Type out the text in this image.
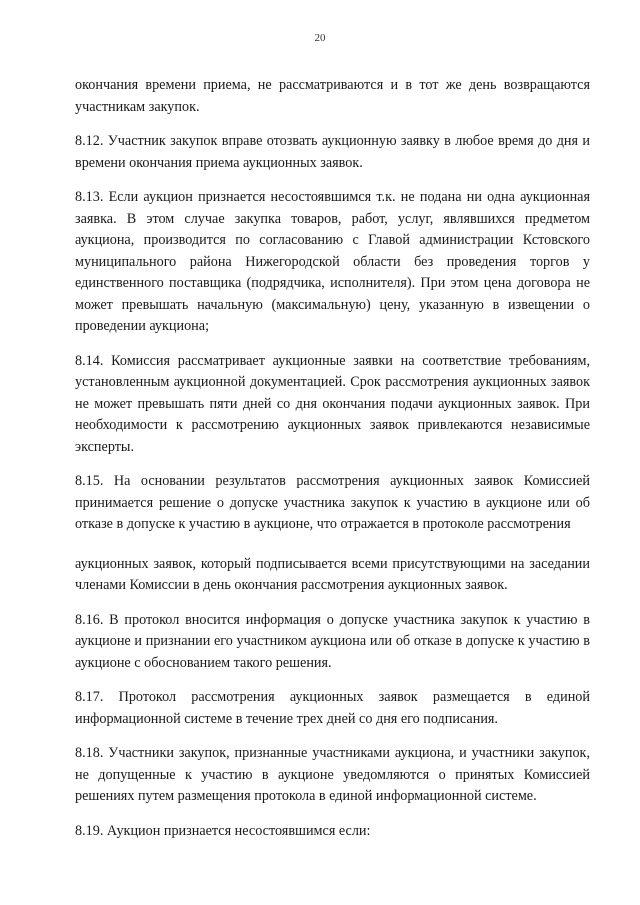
20

окончания времени приема, не рассматриваются и в тот же день возвращаются участникам закупок.

8.12. Участник закупок вправе отозвать аукционную заявку в любое время до дня и времени окончания приема аукционных заявок.

8.13. Если аукцион признается несостоявшимся т.к. не подана ни одна аукционная заявка. В этом случае закупка товаров, работ, услуг, являвшихся предметом аукциона, производится по согласованию с Главой администрации Кстовского муниципального района Нижегородской области без проведения торгов у единственного поставщика (подрядчика, исполнителя). При этом цена договора не может превышать начальную (максимальную) цену, указанную в извещении о проведении аукциона;

8.14. Комиссия рассматривает аукционные заявки на соответствие требованиям, установленным аукционной документацией. Срок рассмотрения аукционных заявок не может превышать пяти дней со дня окончания подачи аукционных заявок. При необходимости к рассмотрению аукционных заявок привлекаются независимые эксперты.

8.15. На основании результатов рассмотрения аукционных заявок Комиссией принимается решение о допуске участника закупок к участию в аукционе или об отказе в допуске к участию в аукционе, что отражается в протоколе рассмотрения

аукционных заявок, который подписывается всеми присутствующими на заседании членами Комиссии в день окончания рассмотрения аукционных заявок.

8.16. В протокол вносится информация о допуске участника закупок к участию в аукционе и признании его участником аукциона или об отказе в допуске к участию в аукционе с обоснованием такого решения.

8.17. Протокол рассмотрения аукционных заявок размещается в единой информационной системе в течение трех дней со дня его подписания.

8.18. Участники закупок, признанные участниками аукциона, и участники закупок, не допущенные к участию в аукционе уведомляются о принятых Комиссией решениях путем размещения протокола в единой информационной системе.

8.19. Аукцион признается несостоявшимся если:
